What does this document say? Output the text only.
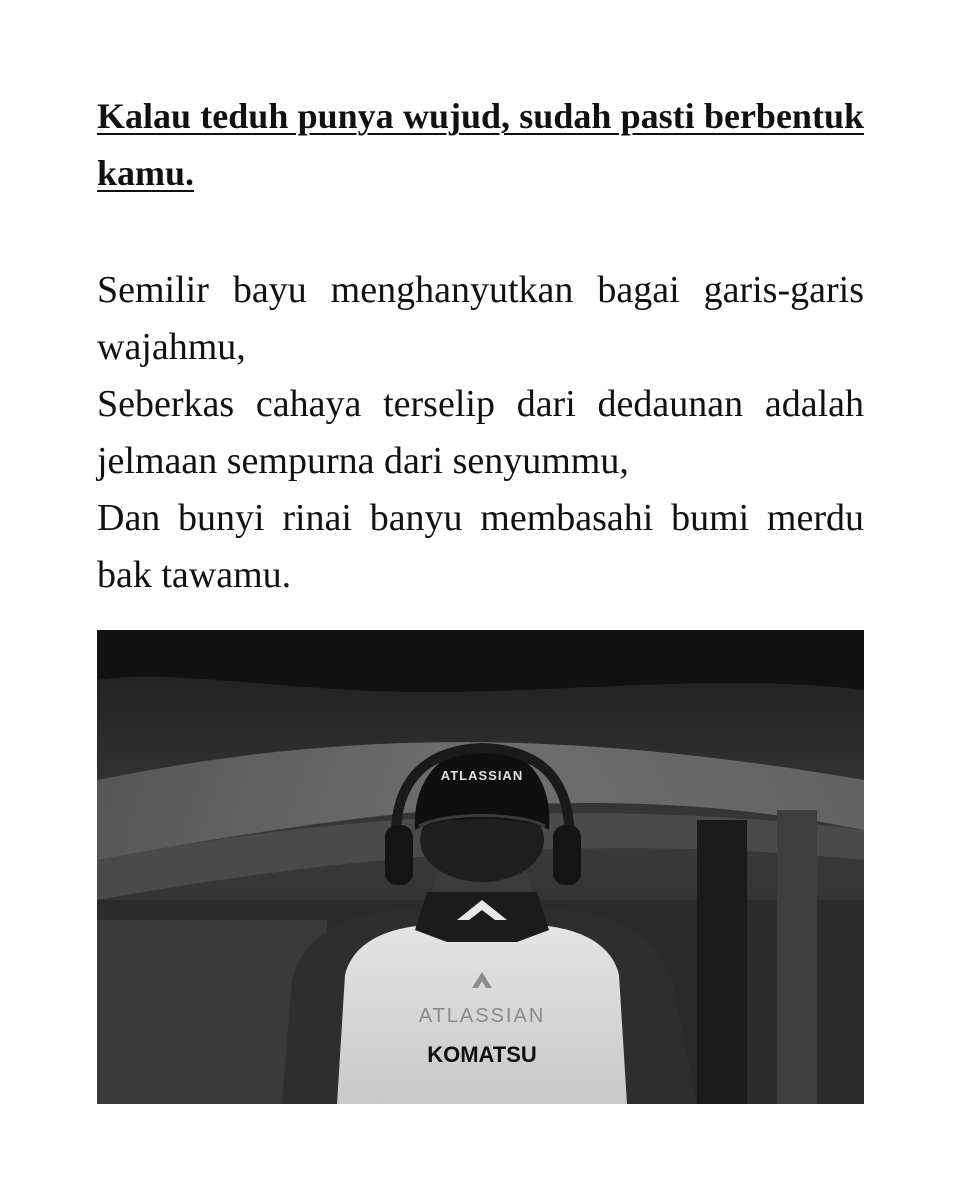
Kalau teduh punya wujud, sudah pasti berbentuk kamu.

Semilir bayu menghanyutkan bagai garis-garis wajahmu,

Seberkas cahaya terselip dari dedaunan adalah jelmaan sempurna dari senyummu,

Dan bunyi rinai banyu membasahi bumi merdu bak tawamu.

ATLASSIAN
ATLASSIAN
KOMATSU
